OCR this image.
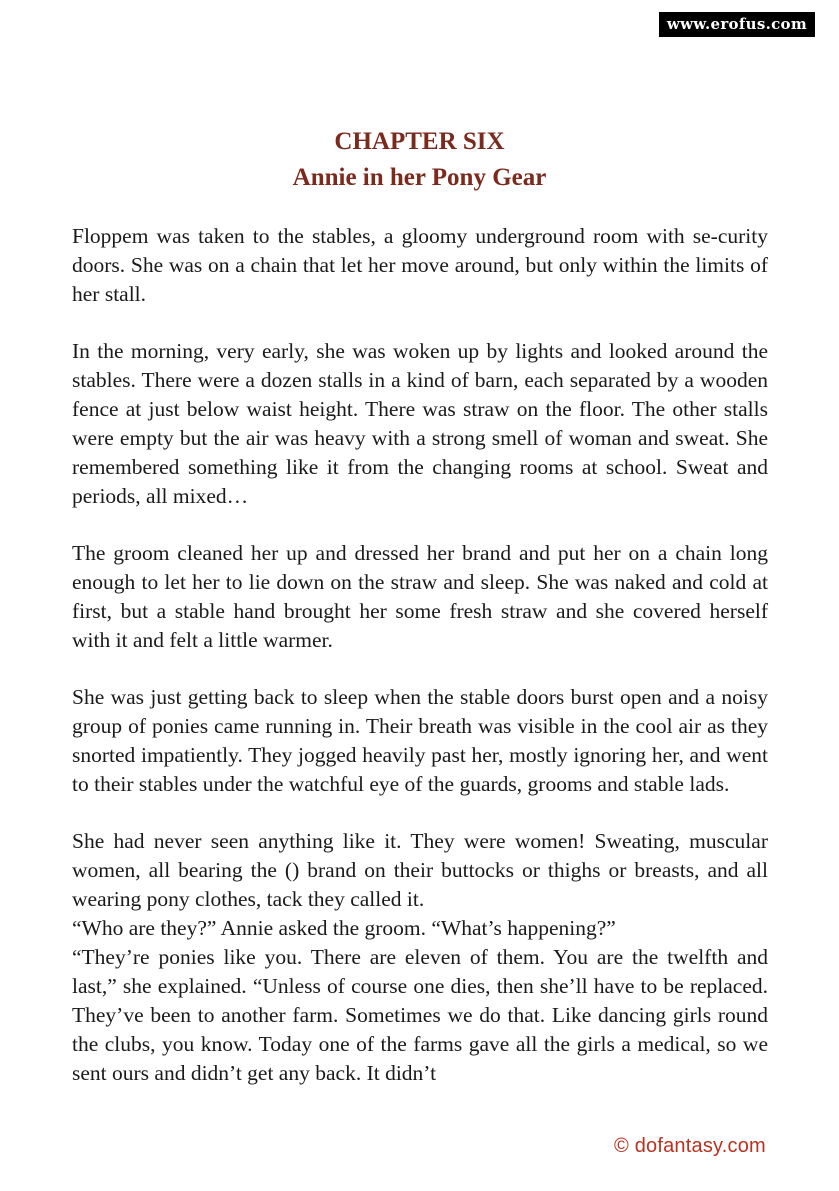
www.erofus.com
CHAPTER SIX
Annie in her Pony Gear

Floppem was taken to the stables, a gloomy underground room with se-curity doors. She was on a chain that let her move around, but only within the limits of her stall.

In the morning, very early, she was woken up by lights and looked around the stables. There were a dozen stalls in a kind of barn, each separated by a wooden fence at just below waist height. There was straw on the floor. The other stalls were empty but the air was heavy with a strong smell of woman and sweat. She remembered something like it from the changing rooms at school. Sweat and periods, all mixed…

The groom cleaned her up and dressed her brand and put her on a chain long enough to let her to lie down on the straw and sleep. She was naked and cold at first, but a stable hand brought her some fresh straw and she covered herself with it and felt a little warmer.

She was just getting back to sleep when the stable doors burst open and a noisy group of ponies came running in. Their breath was visible in the cool air as they snorted impatiently. They jogged heavily past her, mostly ignoring her, and went to their stables under the watchful eye of the guards, grooms and stable lads.

She had never seen anything like it. They were women! Sweating, muscular women, all bearing the () brand on their buttocks or thighs or breasts, and all wearing pony clothes, tack they called it.

“Who are they?” Annie asked the groom. “What’s happening?”

“They’re ponies like you. There are eleven of them. You are the twelfth and last,” she explained. “Unless of course one dies, then she’ll have to be replaced. They’ve been to another farm. Sometimes we do that. Like dancing girls round the clubs, you know. Today one of the farms gave all the girls a medical, so we sent ours and didn’t get any back. It didn’t

© dofantasy.com
